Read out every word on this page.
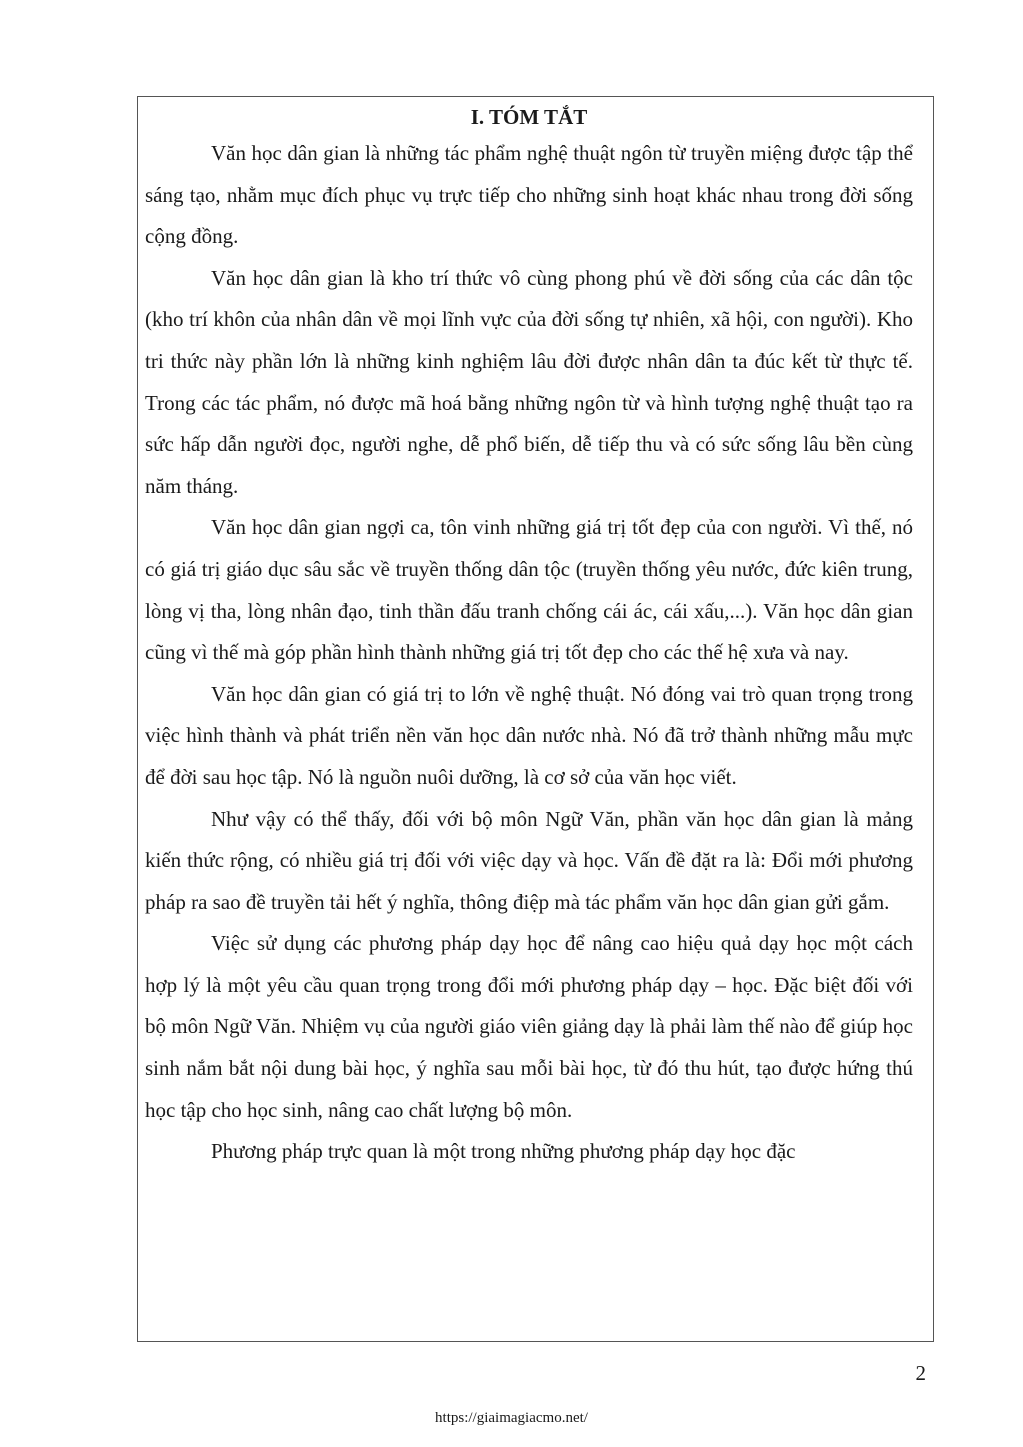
I. TÓM TẮT

Văn học dân gian là những tác phẩm nghệ thuật ngôn từ truyền miệng được tập thể sáng tạo, nhằm mục đích phục vụ trực tiếp cho những sinh hoạt khác nhau trong đời sống cộng đồng.

Văn học dân gian là kho trí thức vô cùng phong phú về đời sống của các dân tộc (kho trí khôn của nhân dân về mọi lĩnh vực của đời sống tự nhiên, xã hội, con người). Kho tri thức này phần lớn là những kinh nghiệm lâu đời được nhân dân ta đúc kết từ thực tế. Trong các tác phẩm, nó được mã hoá bằng những ngôn từ và hình tượng nghệ thuật tạo ra sức hấp dẫn người đọc, người nghe, dễ phổ biến, dễ tiếp thu và có sức sống lâu bền cùng năm tháng.

Văn học dân gian ngợi ca, tôn vinh những giá trị tốt đẹp của con người. Vì thế, nó có giá trị giáo dục sâu sắc về truyền thống dân tộc (truyền thống yêu nước, đức kiên trung, lòng vị tha, lòng nhân đạo, tinh thần đấu tranh chống cái ác, cái xấu,...). Văn học dân gian cũng vì thế mà góp phần hình thành những giá trị tốt đẹp cho các thế hệ xưa và nay.

Văn học dân gian có giá trị to lớn về nghệ thuật. Nó đóng vai trò quan trọng trong việc hình thành và phát triển nền văn học dân nước nhà. Nó đã trở thành những mẫu mực để đời sau học tập. Nó là nguồn nuôi dưỡng, là cơ sở của văn học viết.

Như vậy có thể thấy, đối với bộ môn Ngữ Văn, phần văn học dân gian là mảng kiến thức rộng, có nhiều giá trị đối với việc dạy và học. Vấn đề đặt ra là: Đổi mới phương pháp ra sao đề truyền tải hết ý nghĩa, thông điệp mà tác phẩm văn học dân gian gửi gắm.

Việc sử dụng các phương pháp dạy học để nâng cao hiệu quả dạy học một cách hợp lý là một yêu cầu quan trọng trong đổi mới phương pháp dạy – học. Đặc biệt đối với bộ môn Ngữ Văn. Nhiệm vụ của người giáo viên giảng dạy là phải làm thế nào để giúp học sinh nắm bắt nội dung bài học, ý nghĩa sau mỗi bài học, từ đó thu hút, tạo được hứng thú học tập cho học sinh, nâng cao chất lượng bộ môn.

Phương pháp trực quan là một trong những phương pháp dạy học đặc

2
https://giaimagiacmo.net/
